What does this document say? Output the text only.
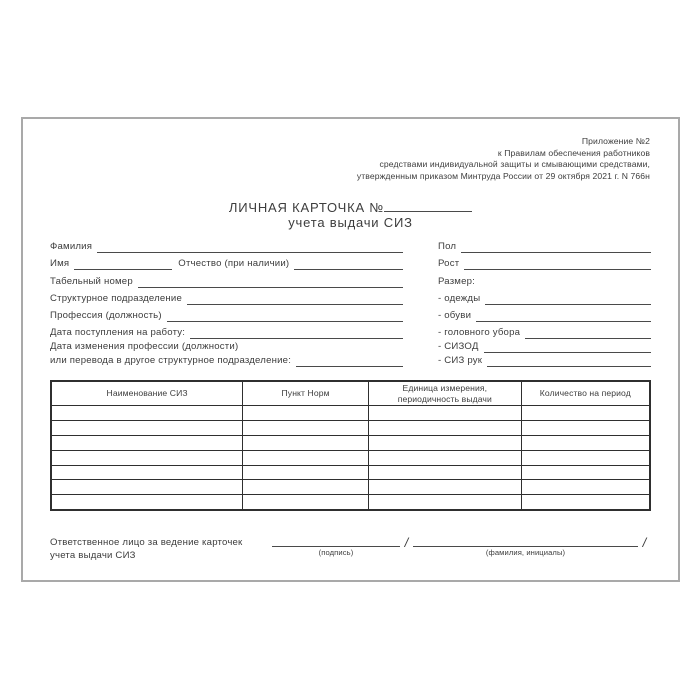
Приложение №2
к Правилам обеспечения работников
средствами индивидуальной защиты и смывающими средствами,
утвержденным приказом Минтруда России от 29 октября 2021 г. N 766н
ЛИЧНАЯ КАРТОЧКА №
учета выдачи СИЗ
Фамилия
Имя	Отчество (при наличии)
Табельный номер
Структурное подразделение
Профессия (должность)
Дата поступления на работу:
Дата изменения профессии (должности)
или перевода в другое структурное подразделение:
Пол
Рост
Размер:
- одежды
- обуви
- головного убора
- СИЗОД
- СИЗ рук
Наименование СИЗ	Пункт Норм	Единица измерения, периодичность выдачи	Количество на период

Ответственное лицо за ведение карточек
учета выдачи СИЗ	(подпись)
/
(фамилия, инициалы)
/
